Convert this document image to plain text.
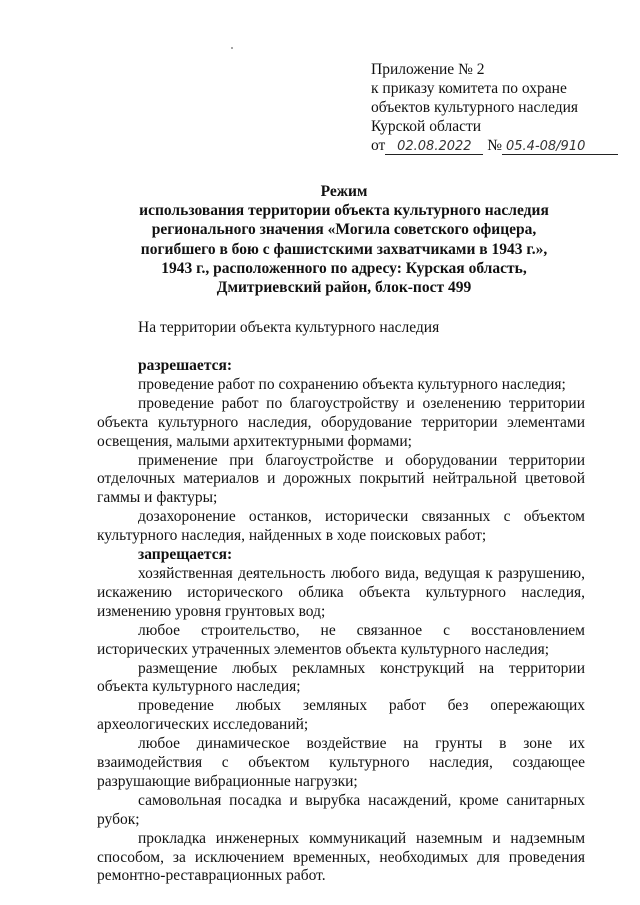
Приложение № 2
к приказу комитета по охране
объектов культурного наследия
Курской области
от 02.08.2022 № 05.4-08/910
Режим
использования территории объекта культурного наследия
регионального значения «Могила советского офицера,
погибшего в бою с фашистскими захватчиками в 1943 г.»,
1943 г., расположенного по адресу: Курская область,
Дмитриевский район, блок-пост 499
На территории объекта культурного наследия
разрешается:

проведение работ по сохранению объекта культурного наследия;

проведение работ по благоустройству и озеленению территории объекта культурного наследия, оборудование территории элементами освещения, малыми архитектурными формами;

применение при благоустройстве и оборудовании территории отделочных материалов и дорожных покрытий нейтральной цветовой гаммы и фактуры;

дозахоронение останков, исторически связанных с объектом культурного наследия, найденных в ходе поисковых работ;

запрещается:

хозяйственная деятельность любого вида, ведущая к разрушению, искажению исторического облика объекта культурного наследия, изменению уровня грунтовых вод;

любое строительство, не связанное с восстановлением исторических утраченных элементов объекта культурного наследия;

размещение любых рекламных конструкций на территории объекта культурного наследия;

проведение любых земляных работ без опережающих археологических исследований;

любое динамическое воздействие на грунты в зоне их взаимодействия с объектом культурного наследия, создающее разрушающие вибрационные нагрузки;

самовольная посадка и вырубка насаждений, кроме санитарных рубок;

прокладка инженерных коммуникаций наземным и надземным способом, за исключением временных, необходимых для проведения ремонтно-реставрационных работ.
